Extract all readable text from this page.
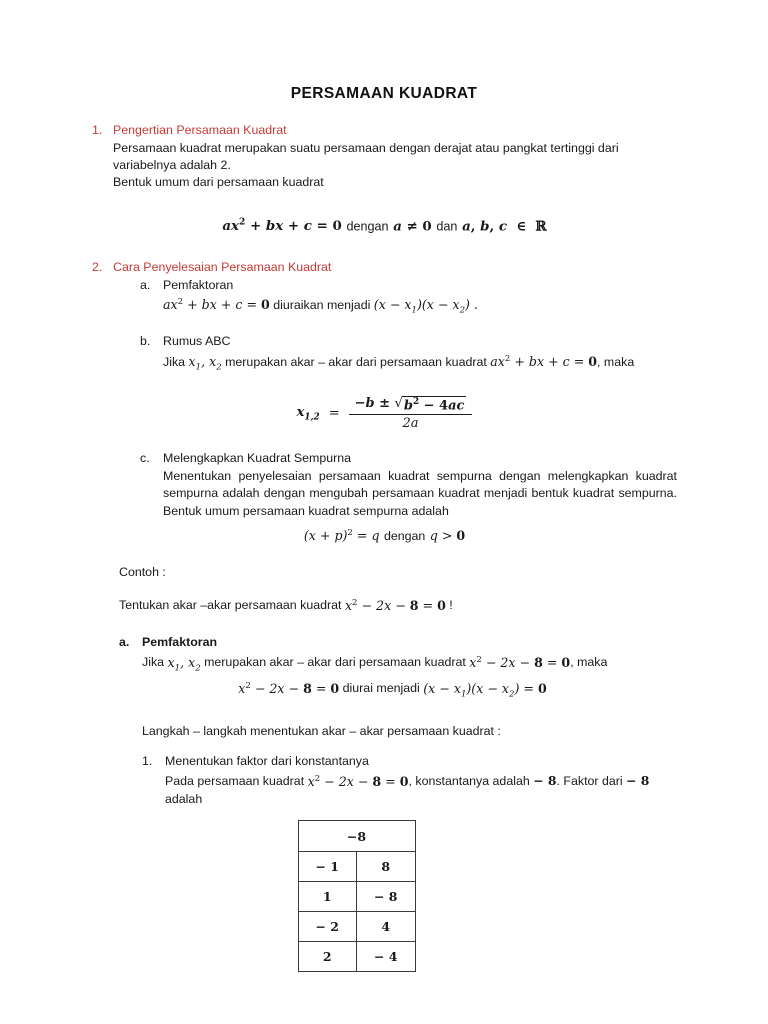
PERSAMAAN KUADRAT
1. Pengertian Persamaan Kuadrat

Persamaan kuadrat merupakan suatu persamaan dengan derajat atau pangkat tertinggi dari variabelnya adalah 2.

Bentuk umum dari persamaan kuadrat

$ax^2$ + bx + c = 0 dengan a ≠ 0 dan a, b, c  ∈  ℝ
2. Cara Penyelesaian Persamaan Kuadrat
a.	Pemfaktoran
$ax^2$ + bx + c = 0 diuraikan menjadi $(x - x_1)(x - x_2)$ .
b.	Rumus ABC
Jika $x_1$, $x_2$ merupakan akar – akar dari persamaan kuadrat $ax^2$ + bx + c = 0, maka
$x_{1,2} = \frac{-b \pm √ b^2 - 4ac}{2a}$
c.	Melengkapkan Kuadrat Sempurna

Menentukan penyelesaian persamaan kuadrat sempurna dengan melengkapkan kuadrat sempurna adalah dengan mengubah persamaan kuadrat menjadi bentuk kuadrat sempurna. Bentuk umum persamaan kuadrat sempurna adalah

$(x + p)^2 = q$ dengan q > 0

Contoh :

Tentukan akar –akar persamaan kuadrat $x^2 - 2x - 8 = 0$ !

a.	Pemfaktoran
Jika $x_1$, $x_2$ merupakan akar – akar dari persamaan kuadrat $x^2 - 2x - 8 = 0$, maka
$x^2 - 2x - 8 = 0$ diurai menjadi $(x - x_1)(x - x_2) = 0$

Langkah – langkah menentukan akar – akar persamaan kuadrat :

1.	Menentukan faktor dari konstantanya
Pada persamaan kuadrat $x^2 - 2x - 8 = 0$, konstantanya adalah − 8. Faktor dari − 8 adalah
−8	
− 1	8
1	− 8
− 2	4
2	− 4
